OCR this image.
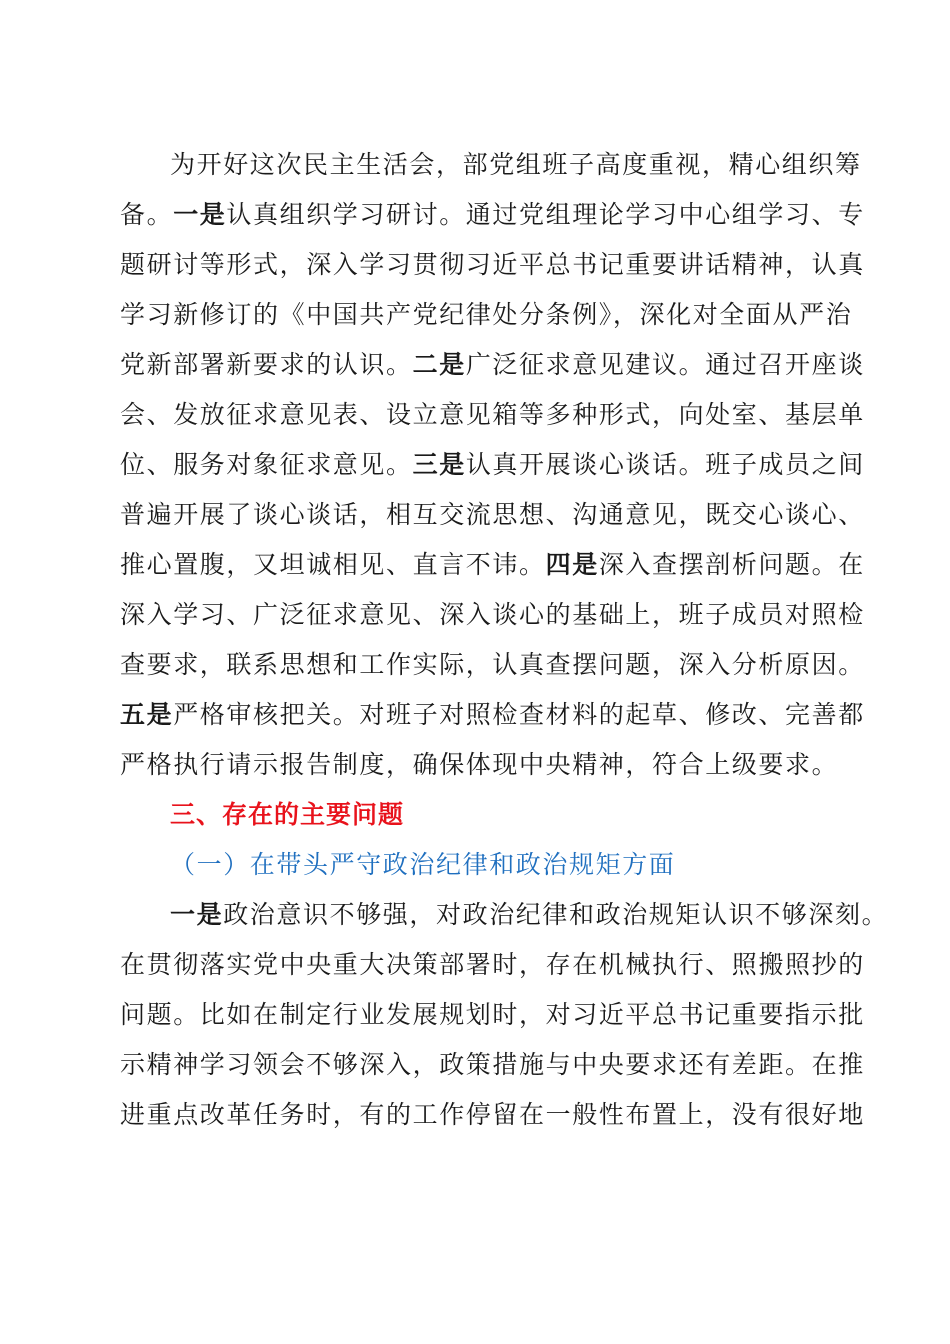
为开好这次民主生活会，部党组班子高度重视，精心组织筹
备。一是认真组织学习研讨。通过党组理论学习中心组学习、专
题研讨等形式，深入学习贯彻习近平总书记重要讲话精神，认真
学习新修订的《中国共产党纪律处分条例》，深化对全面从严治
党新部署新要求的认识。二是广泛征求意见建议。通过召开座谈
会、发放征求意见表、设立意见箱等多种形式，向处室、基层单
位、服务对象征求意见。三是认真开展谈心谈话。班子成员之间
普遍开展了谈心谈话，相互交流思想、沟通意见，既交心谈心、
推心置腹，又坦诚相见、直言不讳。四是深入查摆剖析问题。在
深入学习、广泛征求意见、深入谈心的基础上，班子成员对照检
查要求，联系思想和工作实际，认真查摆问题，深入分析原因。
五是严格审核把关。对班子对照检查材料的起草、修改、完善都
严格执行请示报告制度，确保体现中央精神，符合上级要求。
三、存在的主要问题
（一）在带头严守政治纪律和政治规矩方面
一是政治意识不够强，对政治纪律和政治规矩认识不够深刻。
在贯彻落实党中央重大决策部署时，存在机械执行、照搬照抄的
问题。比如在制定行业发展规划时，对习近平总书记重要指示批
示精神学习领会不够深入，政策措施与中央要求还有差距。在推
进重点改革任务时，有的工作停留在一般性布置上，没有很好地
